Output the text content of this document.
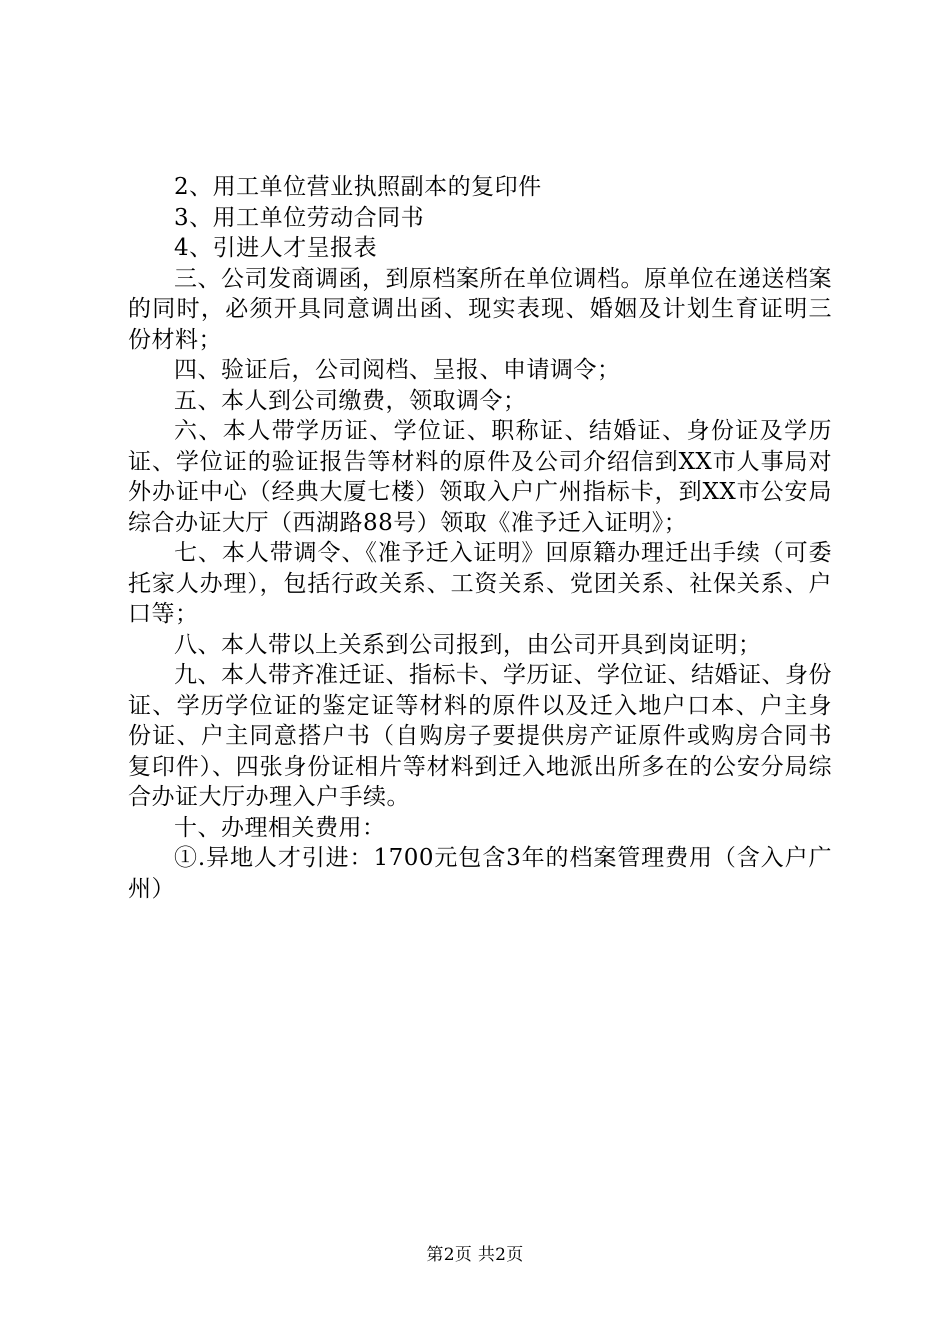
2、用工单位营业执照副本的复印件

3、用工单位劳动合同书

4、引进人才呈报表

三、公司发商调函，到原档案所在单位调档。原单位在递送档案的同时，必须开具同意调出函、现实表现、婚姻及计划生育证明三份材料；

四、验证后，公司阅档、呈报、申请调令；

五、本人到公司缴费，领取调令；

六、本人带学历证、学位证、职称证、结婚证、身份证及学历证、学位证的验证报告等材料的原件及公司介绍信到XX市人事局对外办证中心（经典大厦七楼）领取入户广州指标卡，到XX市公安局综合办证大厅（西湖路88号）领取《准予迁入证明》；

七、本人带调令、《准予迁入证明》回原籍办理迁出手续（可委托家人办理），包括行政关系、工资关系、党团关系、社保关系、户口等；

八、本人带以上关系到公司报到，由公司开具到岗证明；

九、本人带齐准迁证、指标卡、学历证、学位证、结婚证、身份证、学历学位证的鉴定证等材料的原件以及迁入地户口本、户主身份证、户主同意搭户书（自购房子要提供房产证原件或购房合同书复印件）、四张身份证相片等材料到迁入地派出所多在的公安分局综合办证大厅办理入户手续。

十、办理相关费用：

①.异地人才引进：1700元包含3年的档案管理费用（含入户广州）

第2页 共2页
